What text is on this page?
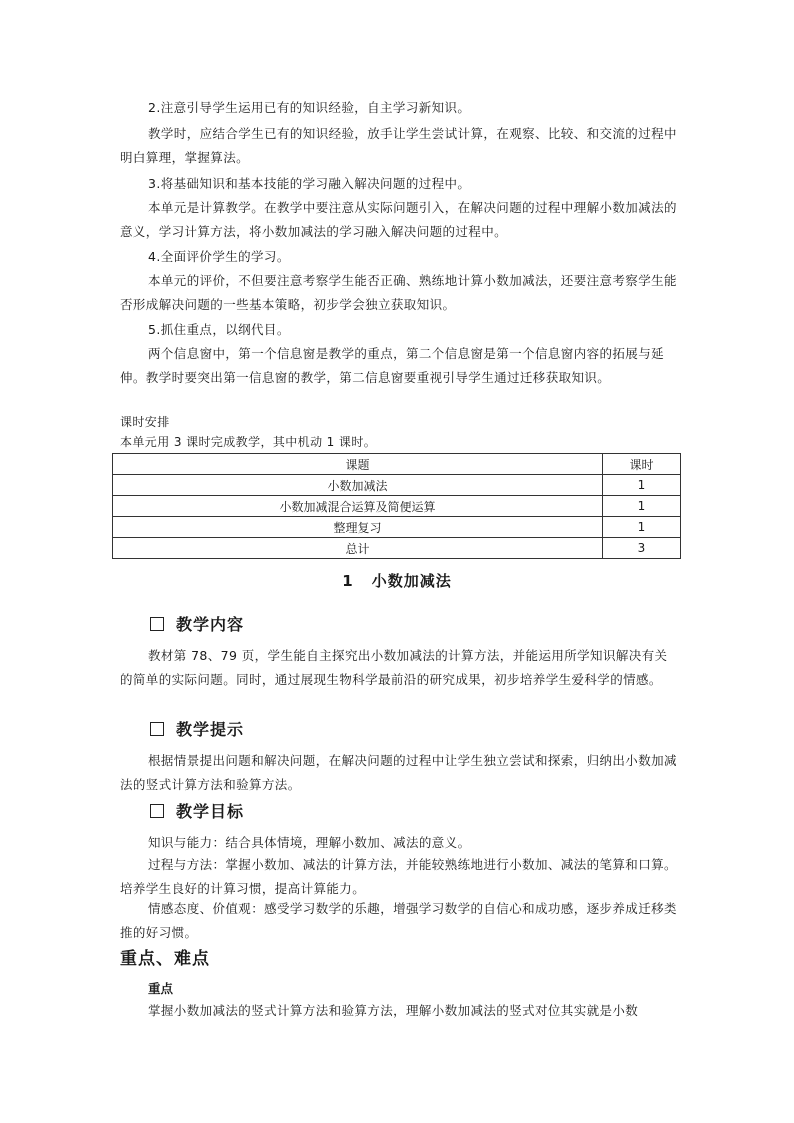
2.注意引导学生运用已有的知识经验，自主学习新知识。

教学时，应结合学生已有的知识经验，放手让学生尝试计算，在观察、比较、和交流的过程中明白算理，掌握算法。

3.将基础知识和基本技能的学习融入解决问题的过程中。

本单元是计算教学。在教学中要注意从实际问题引入，在解决问题的过程中理解小数加减法的意义，学习计算方法，将小数加减法的学习融入解决问题的过程中。

4.全面评价学生的学习。

本单元的评价，不但要注意考察学生能否正确、熟练地计算小数加减法，还要注意考察学生能否形成解决问题的一些基本策略，初步学会独立获取知识。

5.抓住重点，以纲代目。

两个信息窗中，第一个信息窗是教学的重点，第二个信息窗是第一个信息窗内容的拓展与延伸。教学时要突出第一信息窗的教学，第二信息窗要重视引导学生通过迁移获取知识。

课时安排

本单元用 3 课时完成教学，其中机动 1 课时。

课题	课时
小数加减法	1
小数加减混合运算及简便运算	1
整理复习	1
总计	3
1 小数加减法
教学内容

教材第 78、79 页，学生能自主探究出小数加减法的计算方法，并能运用所学知识解决有关的简单的实际问题。同时，通过展现生物科学最前沿的研究成果，初步培养学生爱科学的情感。

教学提示

根据情景提出问题和解决问题，在解决问题的过程中让学生独立尝试和探索，归纳出小数加减法的竖式计算方法和验算方法。

教学目标

知识与能力：结合具体情境，理解小数加、减法的意义。

过程与方法：掌握小数加、减法的计算方法，并能较熟练地进行小数加、减法的笔算和口算。培养学生良好的计算习惯，提高计算能力。

情感态度、价值观：感受学习数学的乐趣，增强学习数学的自信心和成功感，逐步养成迁移类推的好习惯。

重点、难点
重点

掌握小数加减法的竖式计算方法和验算方法，理解小数加减法的竖式对位其实就是小数
